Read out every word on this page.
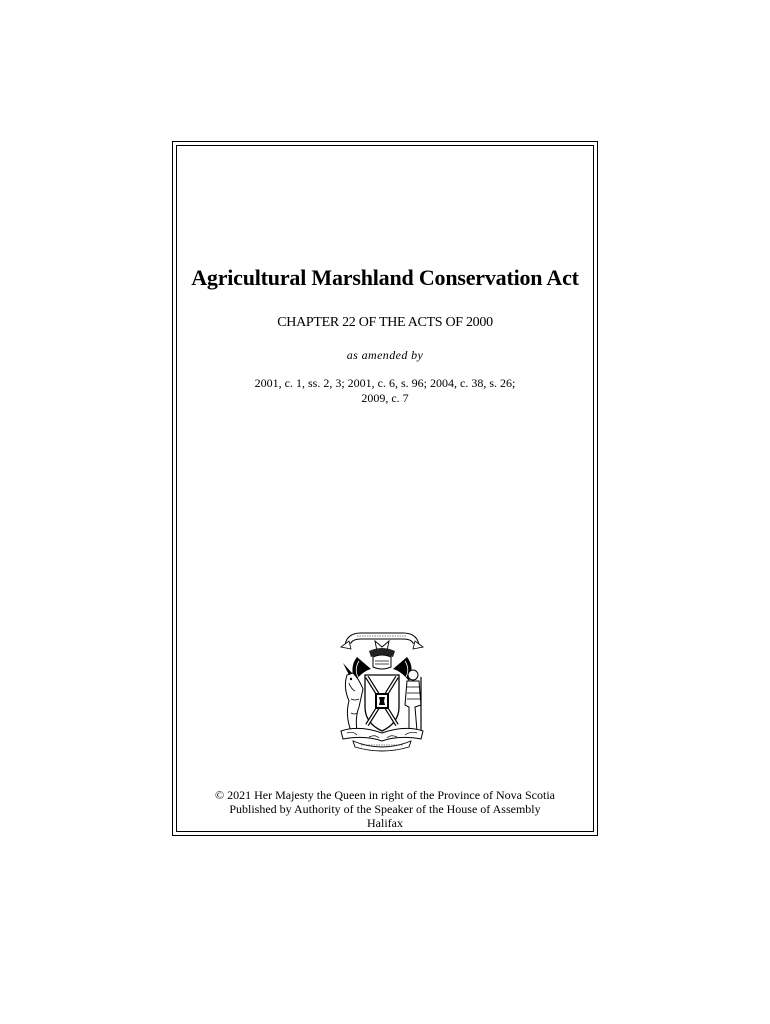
Agricultural Marshland Conservation Act
CHAPTER 22 OF THE ACTS OF 2000
as amended by
2001, c. 1, ss. 2, 3; 2001, c. 6, s. 96; 2004, c. 38, s. 26;
2009, c. 7
© 2021 Her Majesty the Queen in right of the Province of Nova Scotia
Published by Authority of the Speaker of the House of Assembly
Halifax
